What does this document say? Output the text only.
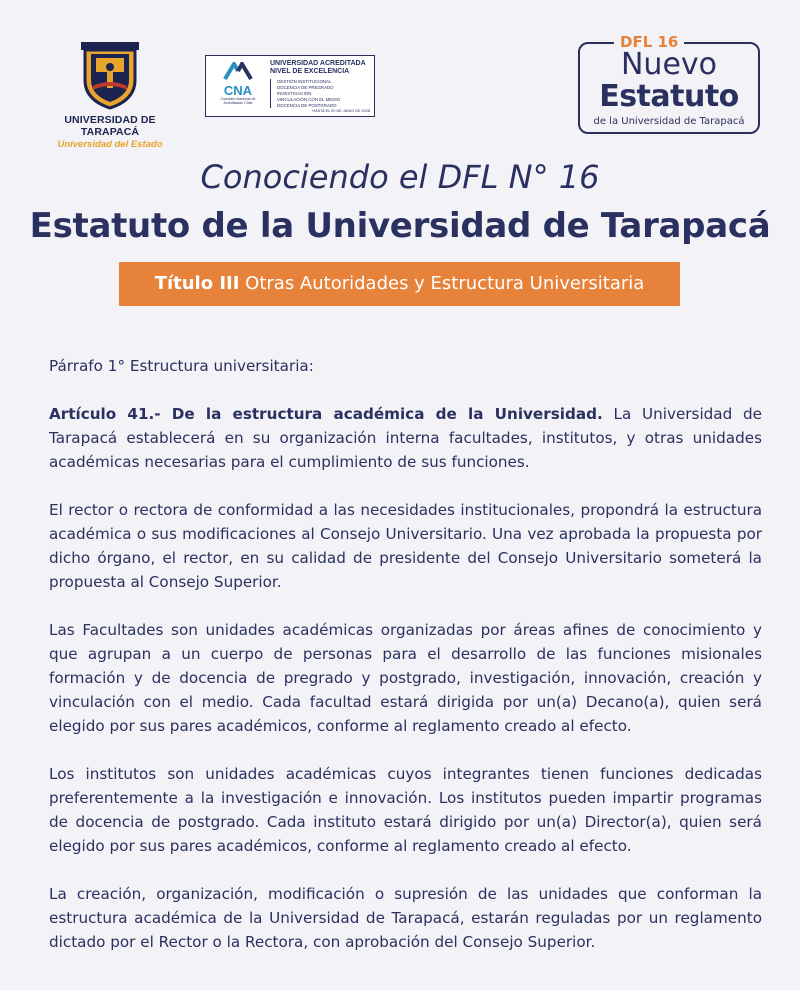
UNIVERSIDAD DE TARAPACÁ
Universidad del Estado
CNA
Comisión Nacional de Acreditación Chile
UNIVERSIDAD ACREDITADA
NIVEL DE EXCELENCIA
GESTIÓN INSTITUCIONAL
DOCENCIA DE PREGRADO
INVESTIGACIÓN
VINCULACIÓN CON EL MEDIO
DOCENCIA DE POSTGRADO
HASTA EL 20 DE JUNIO DE 2028
DFL 16
Nuevo
Estatuto
de la Universidad de Tarapacá
Conociendo el DFL N° 16
Estatuto de la Universidad de Tarapacá
Título III Otras Autoridades y Estructura Universitaria

Párrafo 1° Estructura universitaria:

Artículo 41.- De la estructura académica de la Universidad. La Universidad de Tarapacá establecerá en su organización interna facultades, institutos, y otras unidades académicas necesarias para el cumplimiento de sus funciones.

El rector o rectora de conformidad a las necesidades institucionales, propondrá la estructura académica o sus modificaciones al Consejo Universitario. Una vez aprobada la propuesta por dicho órgano, el rector, en su calidad de presidente del Consejo Universitario someterá la propuesta al Consejo Superior.

Las Facultades son unidades académicas organizadas por áreas afines de conocimiento y que agrupan a un cuerpo de personas para el desarrollo de las funciones misionales formación y de docencia de pregrado y postgrado, investigación, innovación, creación y vinculación con el medio. Cada facultad estará dirigida por un(a) Decano(a), quien será elegido por sus pares académicos, conforme al reglamento creado al efecto.

Los institutos son unidades académicas cuyos integrantes tienen funciones dedicadas preferentemente a la investigación e innovación. Los institutos pueden impartir programas de docencia de postgrado. Cada instituto estará dirigido por un(a) Director(a), quien será elegido por sus pares académicos, conforme al reglamento creado al efecto.

La creación, organización, modificación o supresión de las unidades que conforman la estructura académica de la Universidad de Tarapacá, estarán reguladas por un reglamento dictado por el Rector o la Rectora, con aprobación del Consejo Superior.
